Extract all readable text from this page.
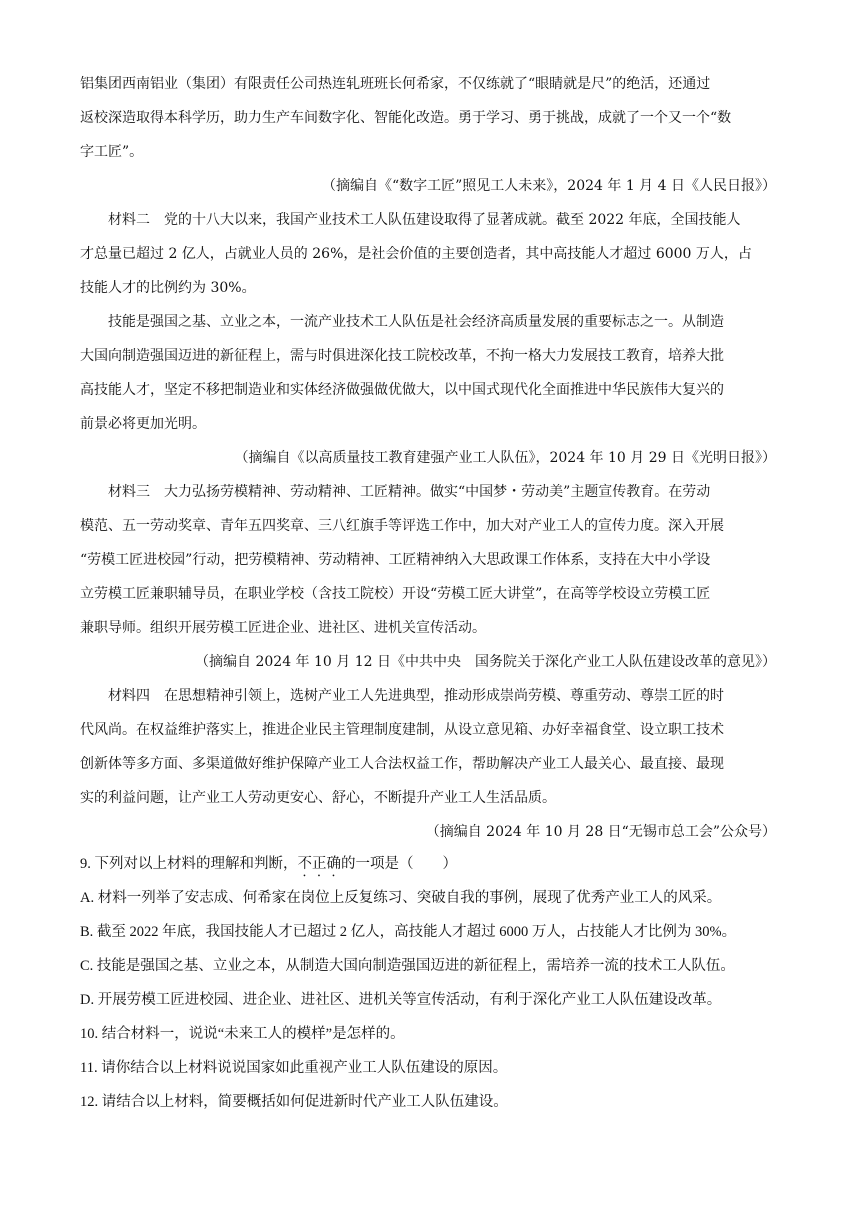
铝集团西南铝业（集团）有限责任公司热连轧班班长何希家，不仅练就了“眼睛就是尺”的绝活，还通过
返校深造取得本科学历，助力生产车间数字化、智能化改造。勇于学习、勇于挑战，成就了一个又一个“数
字工匠”。
（摘编自《“数字工匠”照见工人未来》，2024 年 1 月 4 日《人民日报》）
材料二　党的十八大以来，我国产业技术工人队伍建设取得了显著成就。截至 2022 年底，全国技能人
才总量已超过 2 亿人，占就业人员的 26%，是社会价值的主要创造者，其中高技能人才超过 6000 万人，占
技能人才的比例约为 30%。
技能是强国之基、立业之本，一流产业技术工人队伍是社会经济高质量发展的重要标志之一。从制造
大国向制造强国迈进的新征程上，需与时俱进深化技工院校改革，不拘一格大力发展技工教育，培养大批
高技能人才，坚定不移把制造业和实体经济做强做优做大，以中国式现代化全面推进中华民族伟大复兴的
前景必将更加光明。
（摘编自《以高质量技工教育建强产业工人队伍》，2024 年 10 月 29 日《光明日报》）
材料三　大力弘扬劳模精神、劳动精神、工匠精神。做实“中国梦・劳动美”主题宣传教育。在劳动
模范、五一劳动奖章、青年五四奖章、三八红旗手等评选工作中，加大对产业工人的宣传力度。深入开展
“劳模工匠进校园”行动，把劳模精神、劳动精神、工匠精神纳入大思政课工作体系，支持在大中小学设
立劳模工匠兼职辅导员，在职业学校（含技工院校）开设“劳模工匠大讲堂”，在高等学校设立劳模工匠
兼职导师。组织开展劳模工匠进企业、进社区、进机关宣传活动。
（摘编自 2024 年 10 月 12 日《中共中央　国务院关于深化产业工人队伍建设改革的意见》）
材料四　在思想精神引领上，选树产业工人先进典型，推动形成崇尚劳模、尊重劳动、尊崇工匠的时
代风尚。在权益维护落实上，推进企业民主管理制度建制，从设立意见箱、办好幸福食堂、设立职工技术
创新体等多方面、多渠道做好维护保障产业工人合法权益工作，帮助解决产业工人最关心、最直接、最现
实的利益问题，让产业工人劳动更安心、舒心，不断提升产业工人生活品质。
（摘编自 2024 年 10 月 28 日“无锡市总工会”公众号）
9. 下列对以上材料的理解和判断，不正确的一项是（　　）
A. 材料一列举了安志成、何希家在岗位上反复练习、突破自我的事例，展现了优秀产业工人的风采。
B. 截至 2022 年底，我国技能人才已超过 2 亿人，高技能人才超过 6000 万人，占技能人才比例为 30%。
C. 技能是强国之基、立业之本，从制造大国向制造强国迈进的新征程上，需培养一流的技术工人队伍。
D. 开展劳模工匠进校园、进企业、进社区、进机关等宣传活动，有利于深化产业工人队伍建设改革。
10. 结合材料一，说说“未来工人的模样”是怎样的。
11. 请你结合以上材料说说国家如此重视产业工人队伍建设的原因。
12. 请结合以上材料，简要概括如何促进新时代产业工人队伍建设。
